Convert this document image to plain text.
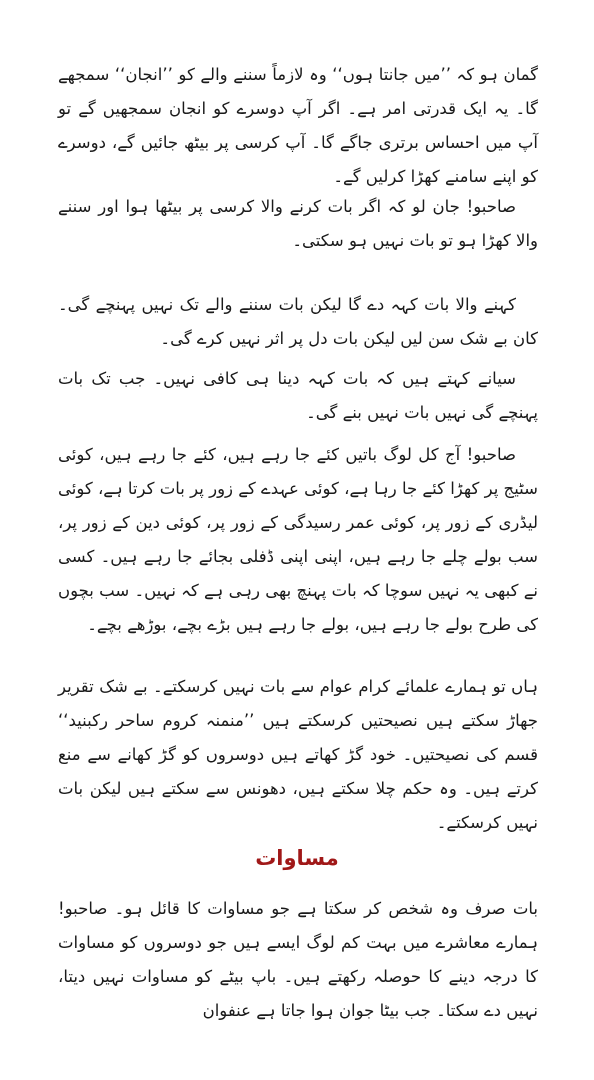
گمان ہو کہ ’’میں جانتا ہوں‘‘ وہ لازماً سننے والے کو ’’انجان‘‘ سمجھے گا۔ یہ ایک قدرتی امر ہے۔ اگر آپ دوسرے کو انجان سمجھیں گے تو آپ میں احساس برتری جاگے گا۔ آپ کرسی پر بیٹھ جائیں گے، دوسرے کو اپنے سامنے کھڑا کرلیں گے۔

صاحبو! جان لو کہ اگر بات کرنے والا کرسی پر بیٹھا ہوا اور سننے والا کھڑا ہو تو بات نہیں ہو سکتی۔

کہنے والا بات کہہ دے گا لیکن بات سننے والے تک نہیں پہنچے گی۔ کان بے شک سن لیں لیکن بات دل پر اثر نہیں کرے گی۔

سیانے کہتے ہیں کہ بات کہہ دینا ہی کافی نہیں۔ جب تک بات پہنچے گی نہیں بات نہیں بنے گی۔

صاحبو! آج کل لوگ باتیں کئے جا رہے ہیں، کئے جا رہے ہیں، کوئی سٹیج پر کھڑا کئے جا رہا ہے، کوئی عہدے کے زور پر بات کرتا ہے، کوئی لیڈری کے زور پر، کوئی عمر رسیدگی کے زور پر، کوئی دین کے زور پر، سب بولے چلے جا رہے ہیں، اپنی اپنی ڈفلی بجائے جا رہے ہیں۔ کسی نے کبھی یہ نہیں سوچا کہ بات پہنچ بھی رہی ہے کہ نہیں۔ سب بچوں کی طرح بولے جا رہے ہیں، بولے جا رہے ہیں بڑے بچے، بوڑھے بچے۔

ہاں تو ہمارے علمائے کرام عوام سے بات نہیں کرسکتے۔ بے شک تقریر جھاڑ سکتے ہیں نصیحتیں کرسکتے ہیں ’’منمنہ کروم ساحر رکبنید‘‘ قسم کی نصیحتیں۔ خود گڑ کھاتے ہیں دوسروں کو گڑ کھانے سے منع کرتے ہیں۔ وہ حکم چلا سکتے ہیں، دھونس سے سکتے ہیں لیکن بات نہیں کرسکتے۔

مساوات

بات صرف وہ شخص کر سکتا ہے جو مساوات کا قائل ہو۔ صاحبو! ہمارے معاشرے میں بہت کم لوگ ایسے ہیں جو دوسروں کو مساوات کا درجہ دینے کا حوصلہ رکھتے ہیں۔ باپ بیٹے کو مساوات نہیں دیتا، نہیں دے سکتا۔ جب بیٹا جوان ہوا جاتا ہے عنفوان
